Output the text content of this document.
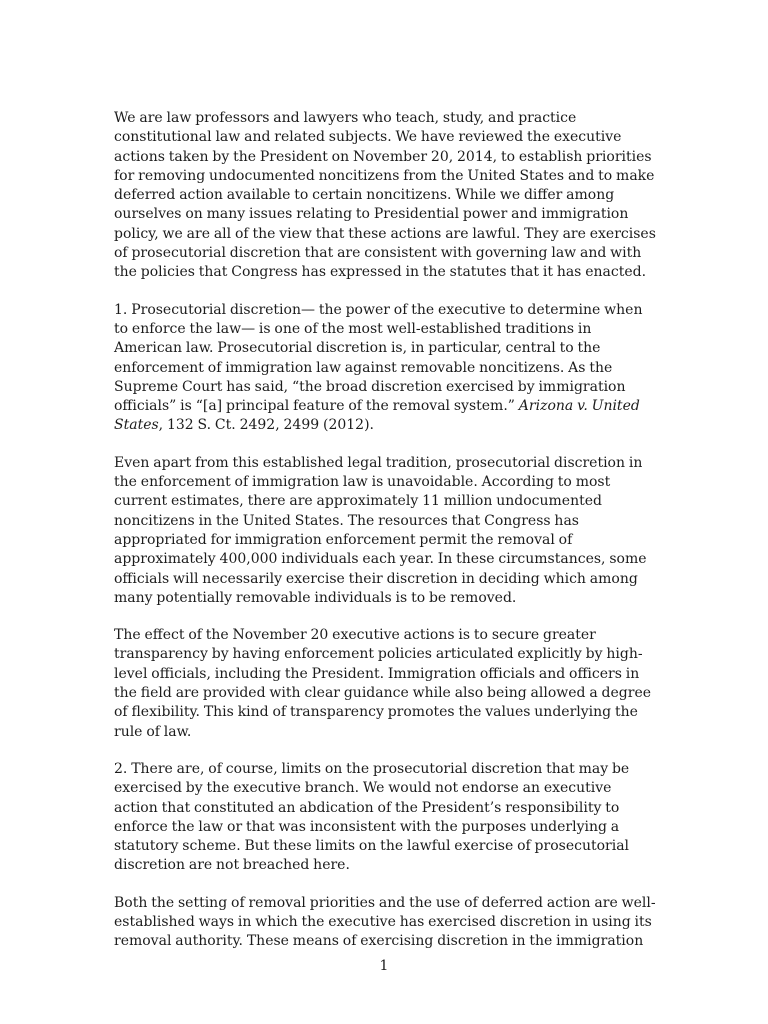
We are law professors and lawyers who teach, study, and practice constitutional law and related subjects. We have reviewed the executive actions taken by the President on November 20, 2014, to establish priorities for removing undocumented noncitizens from the United States and to make deferred action available to certain noncitizens. While we differ among ourselves on many issues relating to Presidential power and immigration policy, we are all of the view that these actions are lawful. They are exercises of prosecutorial discretion that are consistent with governing law and with the policies that Congress has expressed in the statutes that it has enacted.

1. Prosecutorial discretion— the power of the executive to determine when to enforce the law— is one of the most well-established traditions in American law. Prosecutorial discretion is, in particular, central to the enforcement of immigration law against removable noncitizens. As the Supreme Court has said, “the broad discretion exercised by immigration officials” is “[a] principal feature of the removal system.” Arizona v. United States, 132 S. Ct. 2492, 2499 (2012).

Even apart from this established legal tradition, prosecutorial discretion in the enforcement of immigration law is unavoidable. According to most current estimates, there are approximately 11 million undocumented noncitizens in the United States. The resources that Congress has appropriated for immigration enforcement permit the removal of approximately 400,000 individuals each year. In these circumstances, some officials will necessarily exercise their discretion in deciding which among many potentially removable individuals is to be removed.

The effect of the November 20 executive actions is to secure greater transparency by having enforcement policies articulated explicitly by high-level officials, including the President. Immigration officials and officers in the field are provided with clear guidance while also being allowed a degree of flexibility. This kind of transparency promotes the values underlying the rule of law.

2. There are, of course, limits on the prosecutorial discretion that may be exercised by the executive branch. We would not endorse an executive action that constituted an abdication of the President’s responsibility to enforce the law or that was inconsistent with the purposes underlying a statutory scheme. But these limits on the lawful exercise of prosecutorial discretion are not breached here.

Both the setting of removal priorities and the use of deferred action are well-established ways in which the executive has exercised discretion in using its removal authority. These means of exercising discretion in the immigration

1
